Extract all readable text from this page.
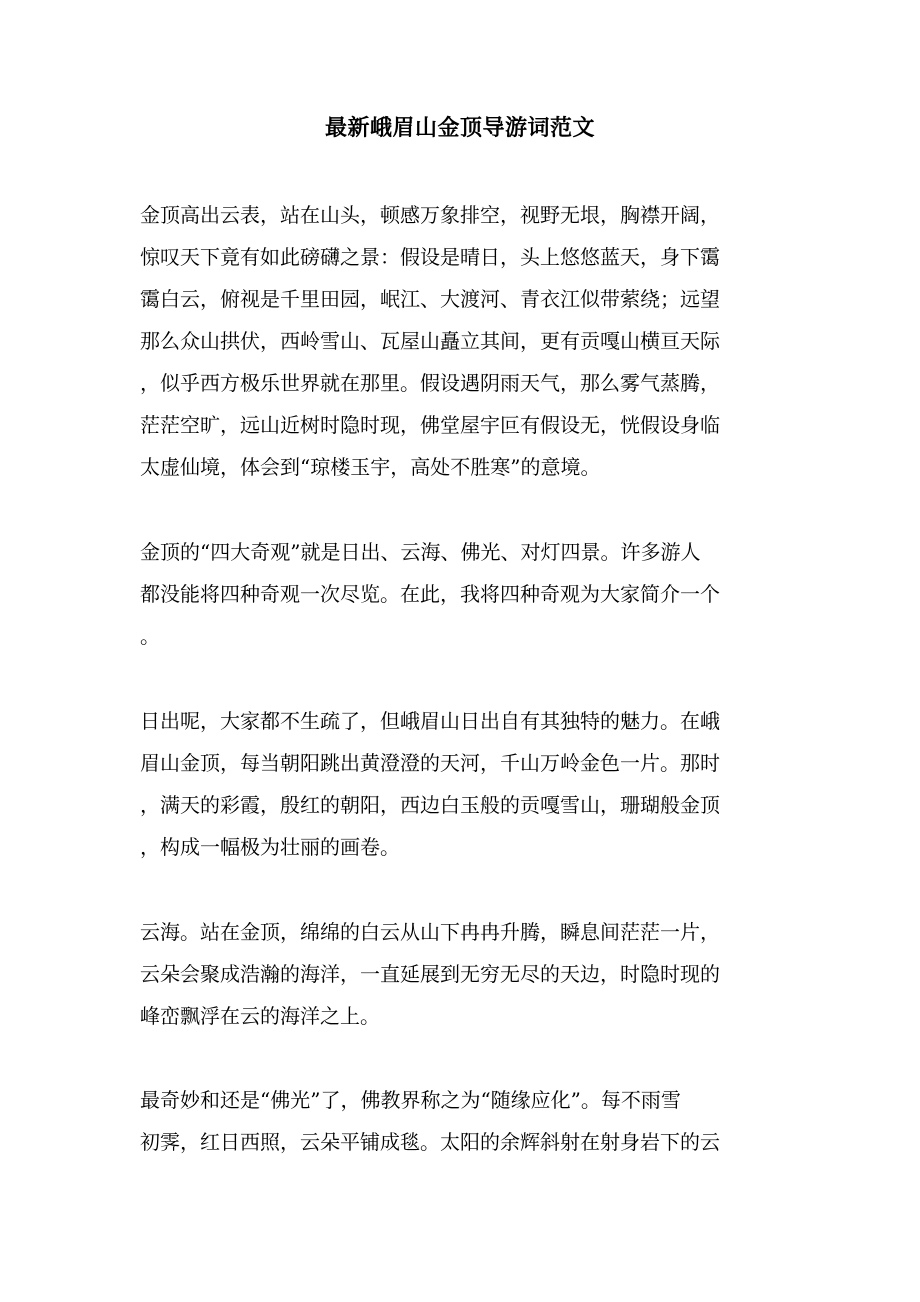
最新峨眉山金顶导游词范文
金顶高出云表，站在山头，顿感万象排空，视野无垠，胸襟开阔，
惊叹天下竟有如此磅礴之景：假设是晴日，头上悠悠蓝天，身下霭
霭白云，俯视是千里田园，岷江、大渡河、青衣江似带萦绕；远望
那么众山拱伏，西岭雪山、瓦屋山矗立其间，更有贡嘎山横亘天际
，似乎西方极乐世界就在那里。假设遇阴雨天气，那么雾气蒸腾，
茫茫空旷，远山近树时隐时现，佛堂屋宇叵有假设无，恍假设身临
太虚仙境，体会到“琼楼玉宇，高处不胜寒”的意境。
金顶的“四大奇观”就是日出、云海、佛光、对灯四景。许多游人
都没能将四种奇观一次尽览。在此，我将四种奇观为大家简介一个
。
日出呢，大家都不生疏了，但峨眉山日出自有其独特的魅力。在峨
眉山金顶，每当朝阳跳出黄澄澄的天河，千山万岭金色一片。那时
，满天的彩霞，殷红的朝阳，西边白玉般的贡嘎雪山，珊瑚般金顶
，构成一幅极为壮丽的画卷。
云海。站在金顶，绵绵的白云从山下冉冉升腾，瞬息间茫茫一片，
云朵会聚成浩瀚的海洋，一直延展到无穷无尽的天边，时隐时现的
峰峦飘浮在云的海洋之上。
最奇妙和还是“佛光”了，佛教界称之为“随缘应化”。每不雨雪
初霁，红日西照，云朵平铺成毯。太阳的余辉斜射在射身岩下的云
